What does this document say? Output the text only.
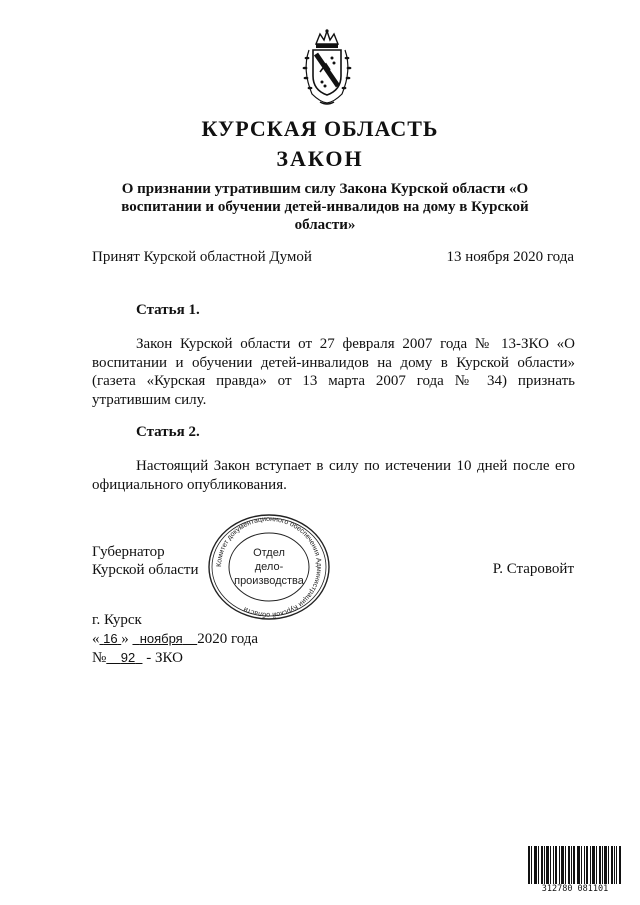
КУРСКАЯ ОБЛАСТЬ
ЗАКОН
О признании утратившим силу Закона Курской области «О воспитании и обучении детей-инвалидов на дому в Курской области»
Принят Курской областной Думой	13 ноября 2020 года
Статья 1.
Закон Курской области от 27 февраля 2007 года № 13-ЗКО «О воспитании и обучении детей-инвалидов на дому в Курской области» (газета «Курская правда» от 13 марта 2007 года № 34) признать утратившим силу.
Статья 2.
Настоящий Закон вступает в силу по истечении 10 дней после его официального опубликования.
Губернатор
Курской области	Р. Старовойт
Комитет документационного обеспечения Администрации Курской области
Отдел
дело-
производства
г. Курск
« 16 » ноября 2020 года
№ 92 - ЗКО
312780 081101
